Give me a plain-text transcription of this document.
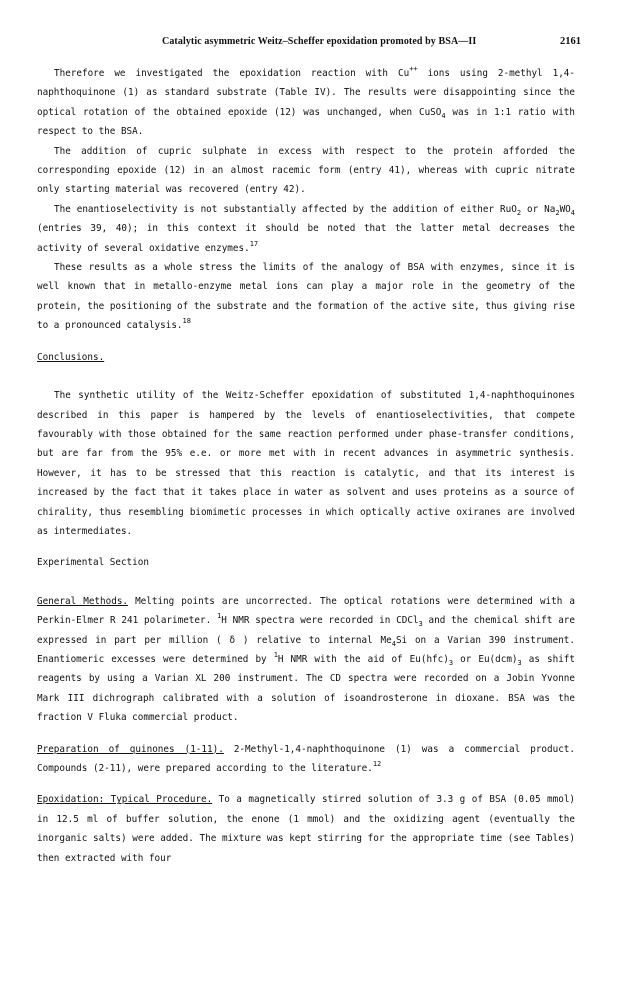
Catalytic asymmetric Weitz–Scheffer epoxidation promoted by BSA—II	2161

Therefore we investigated the epoxidation reaction with Cu++ ions using 2-methyl 1,4-naphthoquinone (1) as standard substrate (Table IV). The results were disappointing since the optical rotation of the obtained epoxide (12) was unchanged, when CuSO$_4$ was in 1:1 ratio with respect to the BSA.

The addition of cupric sulphate in excess with respect to the protein afforded the corresponding epoxide (12) in an almost racemic form (entry 41), whereas with cupric nitrate only starting material was recovered (entry 42).

The enantioselectivity is not substantially affected by the addition of either RuO$_2$ or $Na_2WO_4$ (entries 39, 40); in this context it should be noted that the latter metal decreases the activity of several oxidative enzymes.$^{17}$

These results as a whole stress the limits of the analogy of BSA with enzymes, since it is well known that in metallo-enzyme metal ions can play a major role in the geometry of the protein, the positioning of the substrate and the formation of the active site, thus giving rise to a pronounced catalysis.$^{18}$

Conclusions.

The synthetic utility of the Weitz-Scheffer epoxidation of substituted 1,4-naphthoquinones described in this paper is hampered by the levels of enantioselectivities, that compete favourably with those obtained for the same reaction performed under phase-transfer conditions, but are far from the 95% e.e. or more met with in recent advances in asymmetric synthesis. However, it has to be stressed that this reaction is catalytic, and that its interest is increased by the fact that it takes place in water as solvent and uses proteins as a source of chirality, thus resembling biomimetic processes in which optically active oxiranes are involved as intermediates.

Experimental Section

General Methods. Melting points are uncorrected. The optical rotations were determined with a Perkin-Elmer R 241 polarimeter. $^1$H NMR spectra were recorded in CDCl$_3$ and the chemical shift are expressed in part per million ( δ ) relative to internal $Me_4Si$ on a Varian 390 instrument. Enantiomeric excesses were determined by $^1$H NMR with the aid of $Eu(hfc)_3$ or $Eu(dcm)_3$ as shift reagents by using a Varian XL 200 instrument. The CD spectra were recorded on a Jobin Yvonne Mark III dichrograph calibrated with a solution of isoandrosterone in dioxane. BSA was the fraction V Fluka commercial product.

Preparation of quinones (1-11). 2-Methyl-1,4-naphthoquinone (1) was a commercial product. Compounds (2-11), were prepared according to the literature.$^{12}$

Epoxidation: Typical Procedure. To a magnetically stirred solution of 3.3 g of BSA (0.05 mmol) in 12.5 ml of buffer solution, the enone (1 mmol) and the oxidizing agent (eventually the inorganic salts) were added. The mixture was kept stirring for the appropriate time (see Tables) then extracted with four
